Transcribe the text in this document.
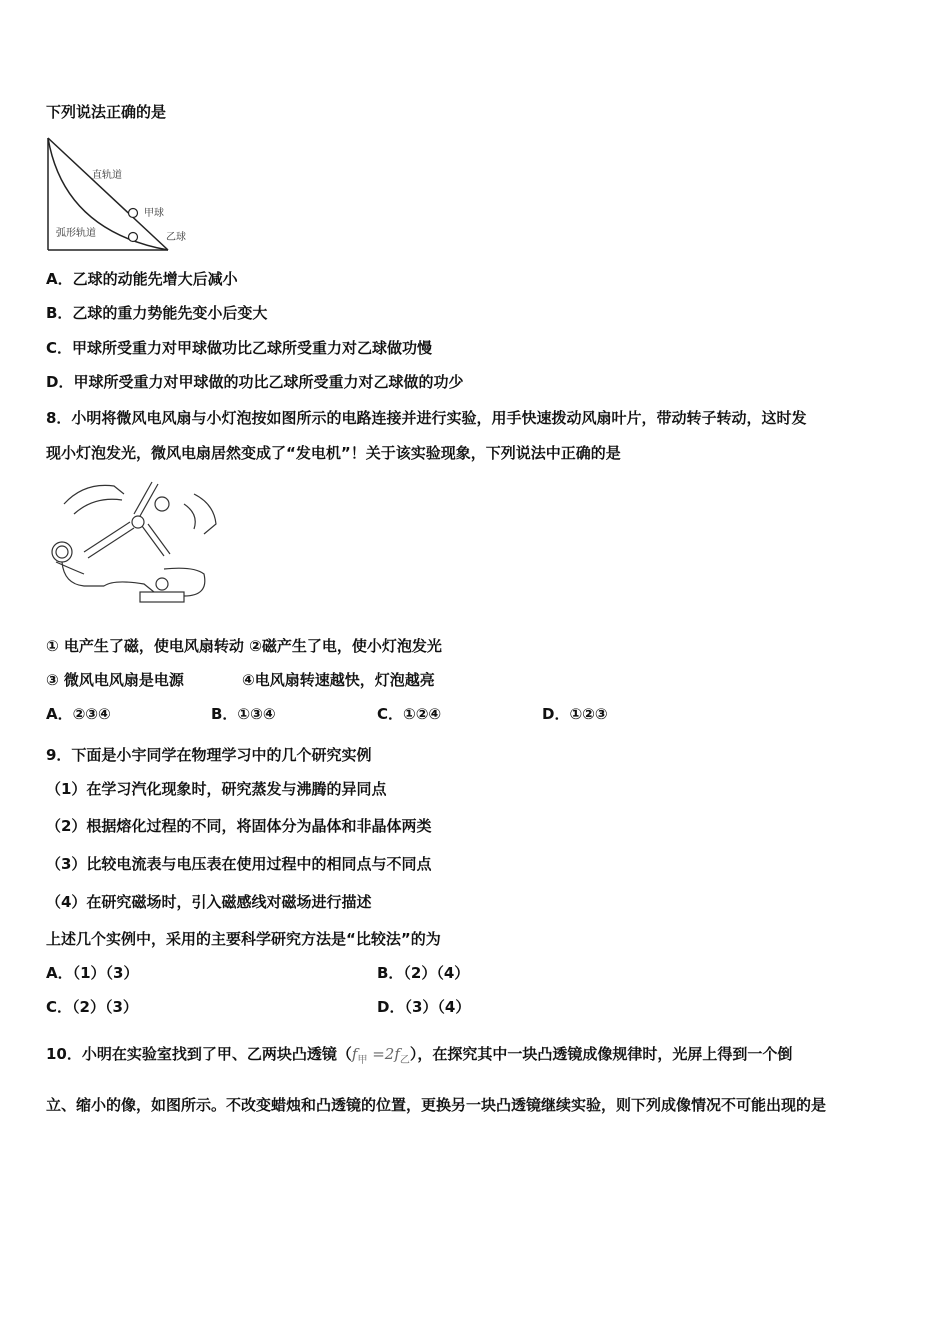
下列说法正确的是
直轨道
甲球
乙球
弧形轨道
A．乙球的动能先增大后减小
B．乙球的重力势能先变小后变大
C．甲球所受重力对甲球做功比乙球所受重力对乙球做功慢
D．甲球所受重力对甲球做的功比乙球所受重力对乙球做的功少
8．小明将微风电风扇与小灯泡按如图所示的电路连接并进行实验，用手快速拨动风扇叶片，带动转子转动，这时发
现小灯泡发光，微风电扇居然变成了“发电机”！关于该实验现象，下列说法中正确的是
① 电产生了磁，使电风扇转动 ②磁产生了电，使小灯泡发光
③ 微风电风扇是电源	④电风扇转速越快，灯泡越亮
A．②③④	B．①③④	C．①②④	D．①②③
9．下面是小宇同学在物理学习中的几个研究实例
（1）在学习汽化现象时，研究蒸发与沸腾的异同点
（2）根据熔化过程的不同，将固体分为晶体和非晶体两类
（3）比较电流表与电压表在使用过程中的相同点与不同点
（4）在研究磁场时，引入磁感线对磁场进行描述
上述几个实例中，采用的主要科学研究方法是“比较法”的为
A．（1）（3）	B．（2）（4）
C．（2）（3）	D．（3）（4）
10．小明在实验室找到了甲、乙两块凸透镜$(f_甲 =2f_乙)$，在探究其中一块凸透镜成像规律时，光屏上得到一个倒
立、缩小的像，如图所示。不改变蜡烛和凸透镜的位置，更换另一块凸透镜继续实验，则下列成像情况不可能出现的是
